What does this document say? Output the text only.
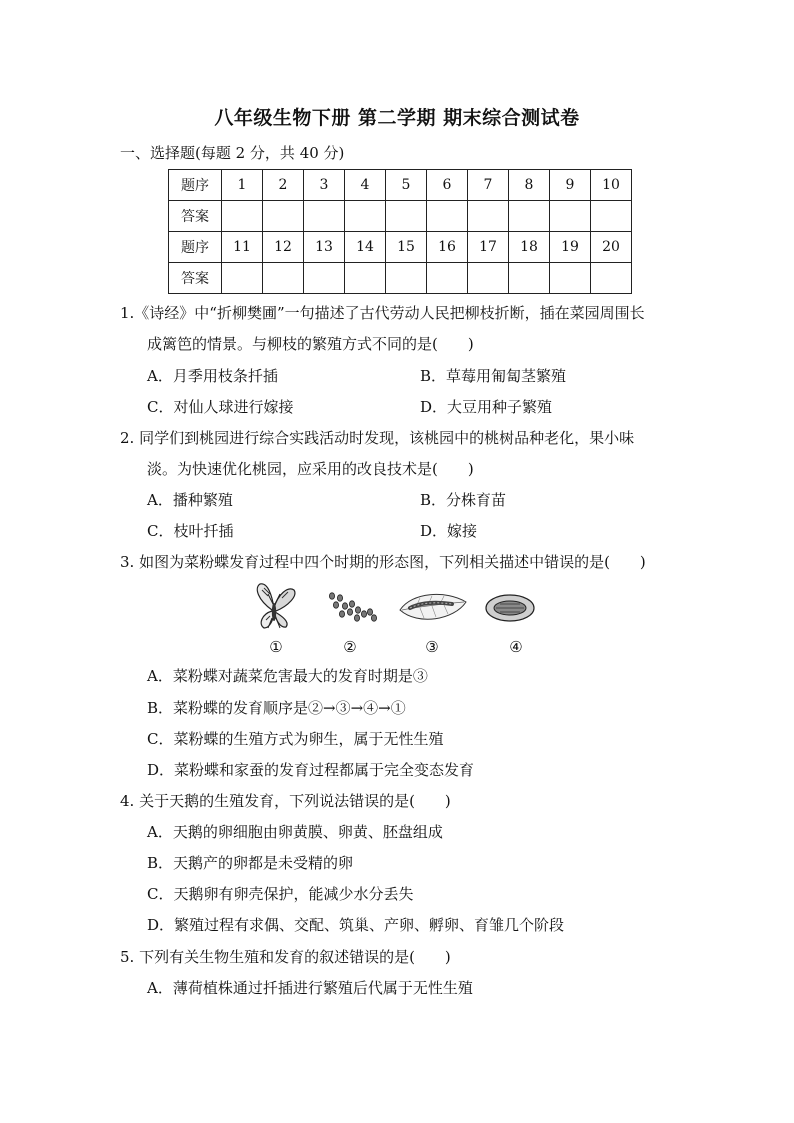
八年级生物下册 第二学期 期末综合测试卷
一、选择题(每题 2 分，共 40 分)
题序	1	2	3	4	5	6	7	8	9	10
答案										
题序	11	12	13	14	15	16	17	18	19	20
答案										
1.《诗经》中“折柳樊圃”一句描述了古代劳动人民把柳枝折断，插在菜园周围长
成篱笆的情景。与柳枝的繁殖方式不同的是(　　)
A．月季用枝条扦插	B．草莓用匍匐茎繁殖
C．对仙人球进行嫁接	D．大豆用种子繁殖
2. 同学们到桃园进行综合实践活动时发现，该桃园中的桃树品种老化，果小味
淡。为快速优化桃园，应采用的改良技术是(　　)
A．播种繁殖	B．分株育苗
C．枝叶扦插	D．嫁接
3. 如图为菜粉蝶发育过程中四个时期的形态图，下列相关描述中错误的是(　　)
①	②	③	④
A．菜粉蝶对蔬菜危害最大的发育时期是③
B．菜粉蝶的发育顺序是②→③→④→①
C．菜粉蝶的生殖方式为卵生，属于无性生殖
D．菜粉蝶和家蚕的发育过程都属于完全变态发育
4. 关于天鹅的生殖发育，下列说法错误的是(　　)
A．天鹅的卵细胞由卵黄膜、卵黄、胚盘组成
B．天鹅产的卵都是未受精的卵
C．天鹅卵有卵壳保护，能减少水分丢失
D．繁殖过程有求偶、交配、筑巢、产卵、孵卵、育雏几个阶段
5. 下列有关生物生殖和发育的叙述错误的是(　　)
A．薄荷植株通过扦插进行繁殖后代属于无性生殖
